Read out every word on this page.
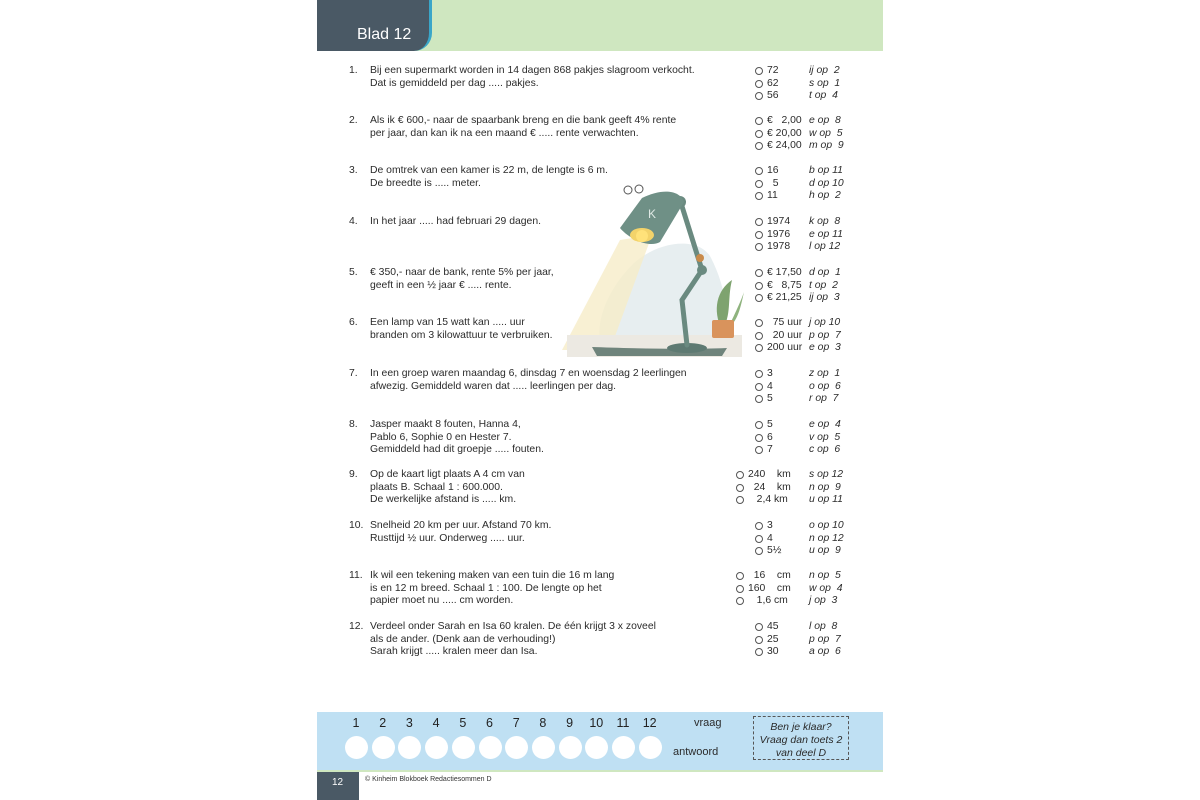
Blad 12
1. Bij een supermarkt worden in 14 dagen 868 pakjes slagroom verkocht.
Dat is gemiddeld per dag ..... pakjes.
72	ij op  2
62	s op  1
56	t op  4
2. Als ik € 600,- naar de spaarbank breng en die bank geeft 4% rente
per jaar, dan kan ik na een maand € ..... rente verwachten.
€   2,00 e op  8
€ 20,00 w op  5
€ 24,00 m op  9
3. De omtrek van een kamer is 22 m, de lengte is 6 m.
De breedte is ..... meter.
16	b op 11
5	d op 10
11	h op  2
4. In het jaar ..... had februari 29 dagen.	1974 k op  8
1976 e op 11
1978 l op 12
5. € 350,- naar de bank, rente 5% per jaar,
geeft in een ½ jaar € ..... rente.
€ 17,50 d op  1
€   8,75 t op  2
€ 21,25 ij op  3
6. Een lamp van 15 watt kan ..... uur
branden om 3 kilowattuur te verbruiken.
75 uur j op 10
20 uur p op  7
200 uur e op  3
7. In een groep waren maandag 6, dinsdag 7 en woensdag 2 leerlingen
afwezig. Gemiddeld waren dat ..... leerlingen per dag.
3	z op  1
4	o op  6
5	r op  7
8. Jasper maakt 8 fouten, Hanna 4,
Pablo 6, Sophie 0 en Hester 7.
Gemiddeld had dit groepje ..... fouten.
5	e op  4
6	v op  5
7	c op  6
9. Op de kaart ligt plaats A 4 cm van
plaats B. Schaal 1 : 600.000.
De werkelijke afstand is ..... km.
240    km s op 12
24    km n op  9
2,4 km u op 11
10. Snelheid 20 km per uur. Afstand 70 km.
Rusttijd ½ uur. Onderweg ..... uur.
3	o op 10
4	n op 12
5½	u op  9
11. Ik wil een tekening maken van een tuin die 16 m lang
is en 12 m breed. Schaal 1 : 100. De lengte op het
papier moet nu ..... cm worden.
16    cm n op  5
160    cm w op  4
1,6 cm j op  3
12. Verdeel onder Sarah en Isa 60 kralen. De één krijgt 3 x zoveel
als de ander. (Denk aan de verhouding!)
Sarah krijgt ..... kralen meer dan Isa.
45	l op  8
25	p op  7
30	a op  6
K
1	2	3	4	5	6	7	8	9	10	11	12	vraag
antwoord
Ben je klaar?
Vraag dan toets 2
van deel D
12	© Kinheim Blokboek Redactiesommen D
